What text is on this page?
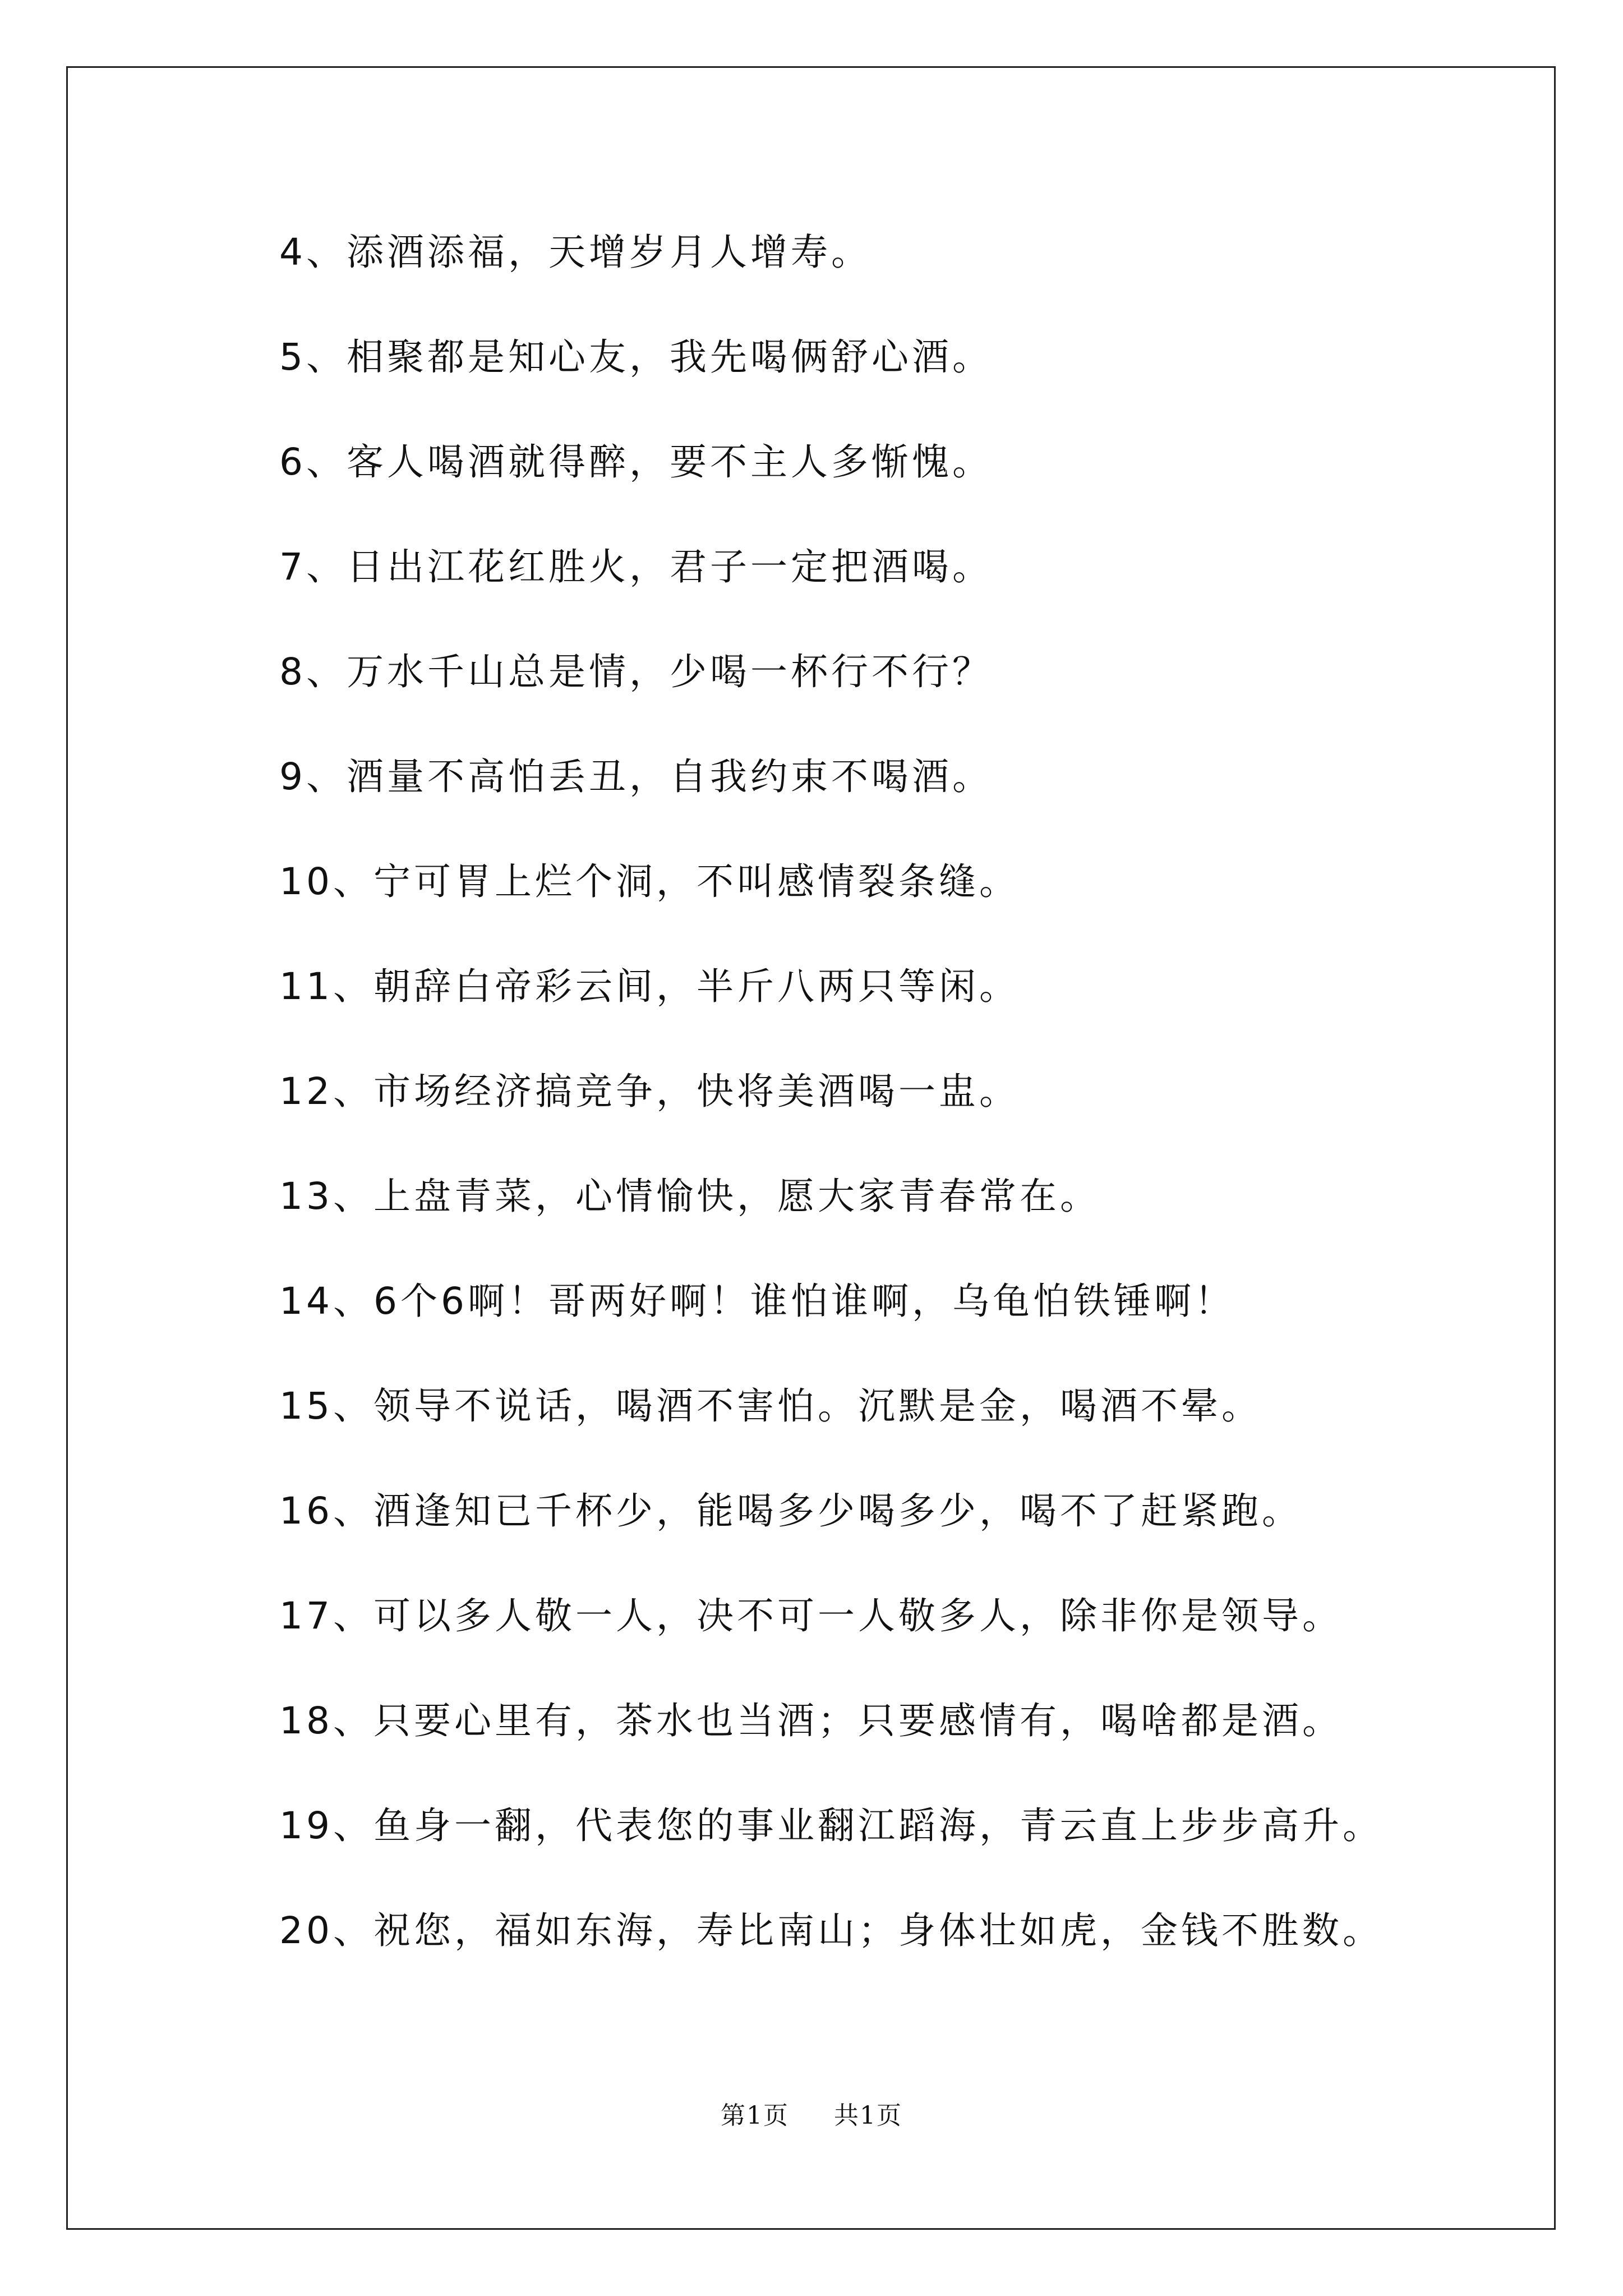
4、添酒添福，天增岁月人增寿。
5、相聚都是知心友，我先喝俩舒心酒。
6、客人喝酒就得醉，要不主人多惭愧。
7、日出江花红胜火，君子一定把酒喝。
8、万水千山总是情，少喝一杯行不行？
9、酒量不高怕丢丑，自我约束不喝酒。
10、宁可胃上烂个洞，不叫感情裂条缝。
11、朝辞白帝彩云间，半斤八两只等闲。
12、市场经济搞竞争，快将美酒喝一盅。
13、上盘青菜，心情愉快，愿大家青春常在。
14、6个6啊！哥两好啊！谁怕谁啊，乌龟怕铁锤啊！
15、领导不说话，喝酒不害怕。沉默是金，喝酒不晕。
16、酒逢知已千杯少，能喝多少喝多少，喝不了赶紧跑。
17、可以多人敬一人，决不可一人敬多人，除非你是领导。
18、只要心里有，茶水也当酒；只要感情有，喝啥都是酒。
19、鱼身一翻，代表您的事业翻江蹈海，青云直上步步高升。
20、祝您，福如东海，寿比南山；身体壮如虎，金钱不胜数。
第1页 共1页
